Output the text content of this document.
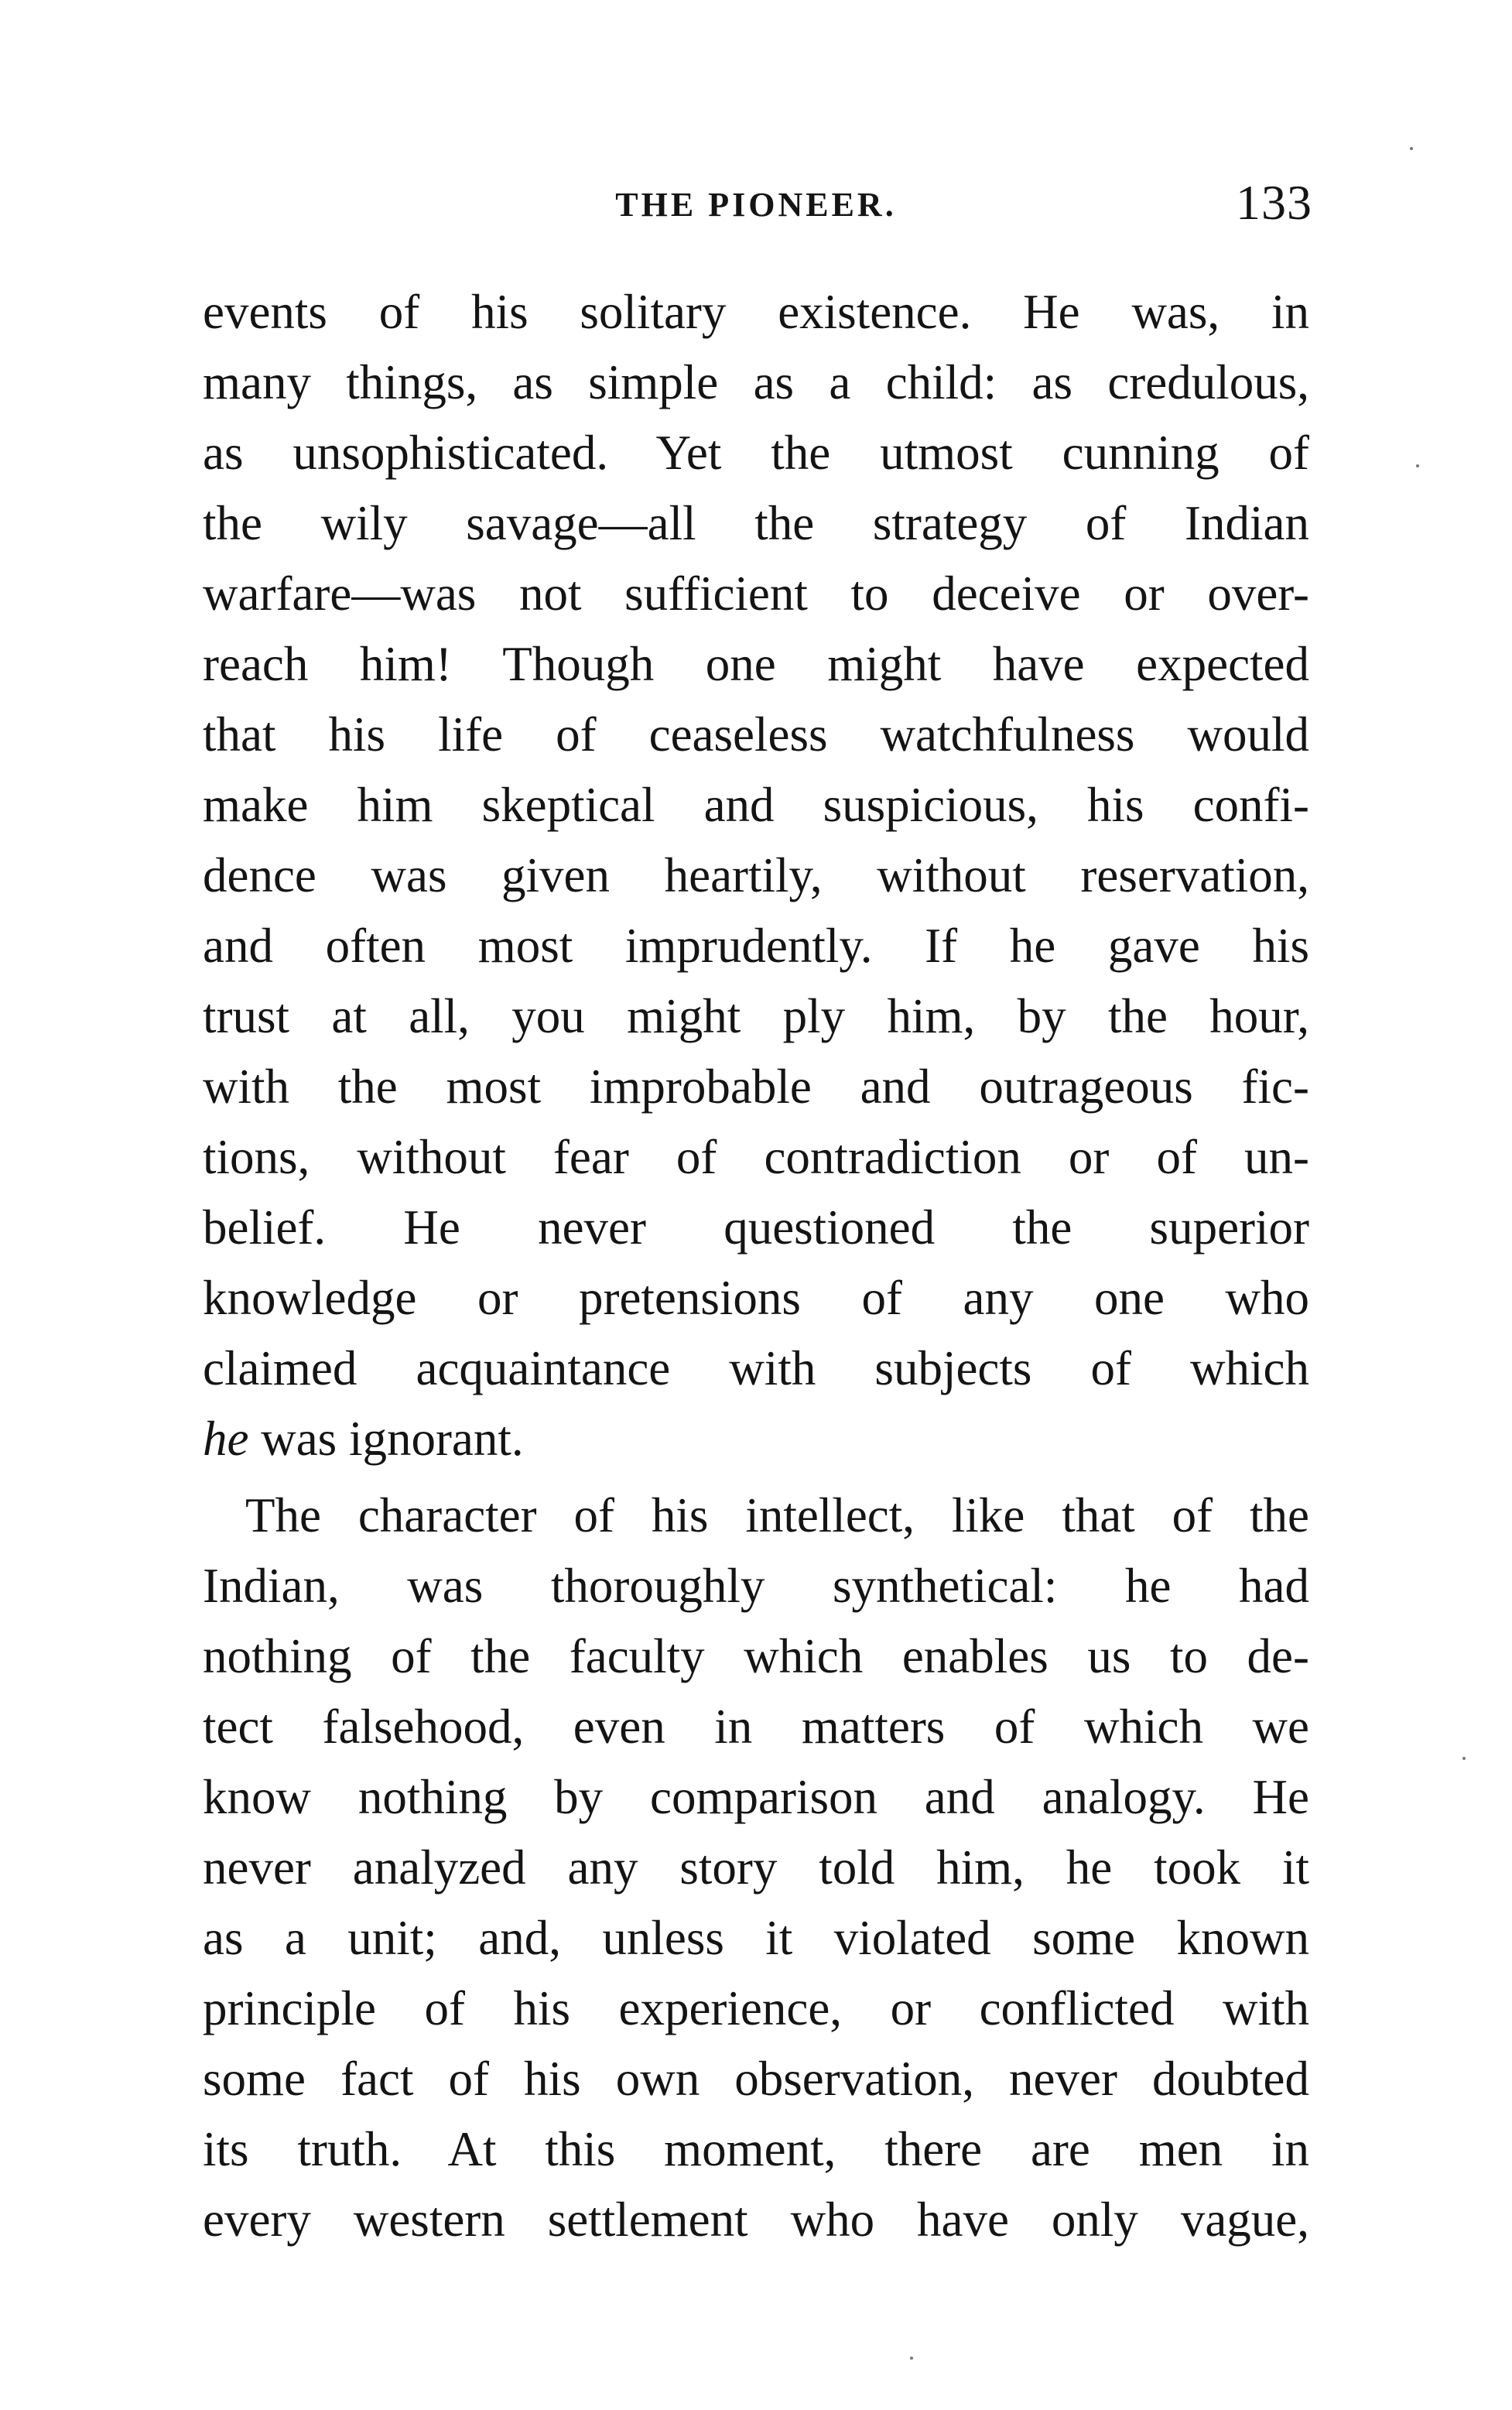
THE PIONEER.	133
events of his solitary existence. He was, in
many things, as simple as a child: as credulous,
as unsophisticated. Yet the utmost cunning of
the wily savage—all the strategy of Indian
warfare—was not sufficient to deceive or over-
reach him! Though one might have expected
that his life of ceaseless watchfulness would
make him skeptical and suspicious, his confi-
dence was given heartily, without reservation,
and often most imprudently. If he gave his
trust at all, you might ply him, by the hour,
with the most improbable and outrageous fic-
tions, without fear of contradiction or of un-
belief. He never questioned the superior
knowledge or pretensions of any one who
claimed acquaintance with subjects of which
he was ignorant.
The character of his intellect, like that of the
Indian, was thoroughly synthetical: he had
nothing of the faculty which enables us to de-
tect falsehood, even in matters of which we
know nothing by comparison and analogy. He
never analyzed any story told him, he took it
as a unit; and, unless it violated some known
principle of his experience, or conflicted with
some fact of his own observation, never doubted
its truth. At this moment, there are men in
every western settlement who have only vague,
